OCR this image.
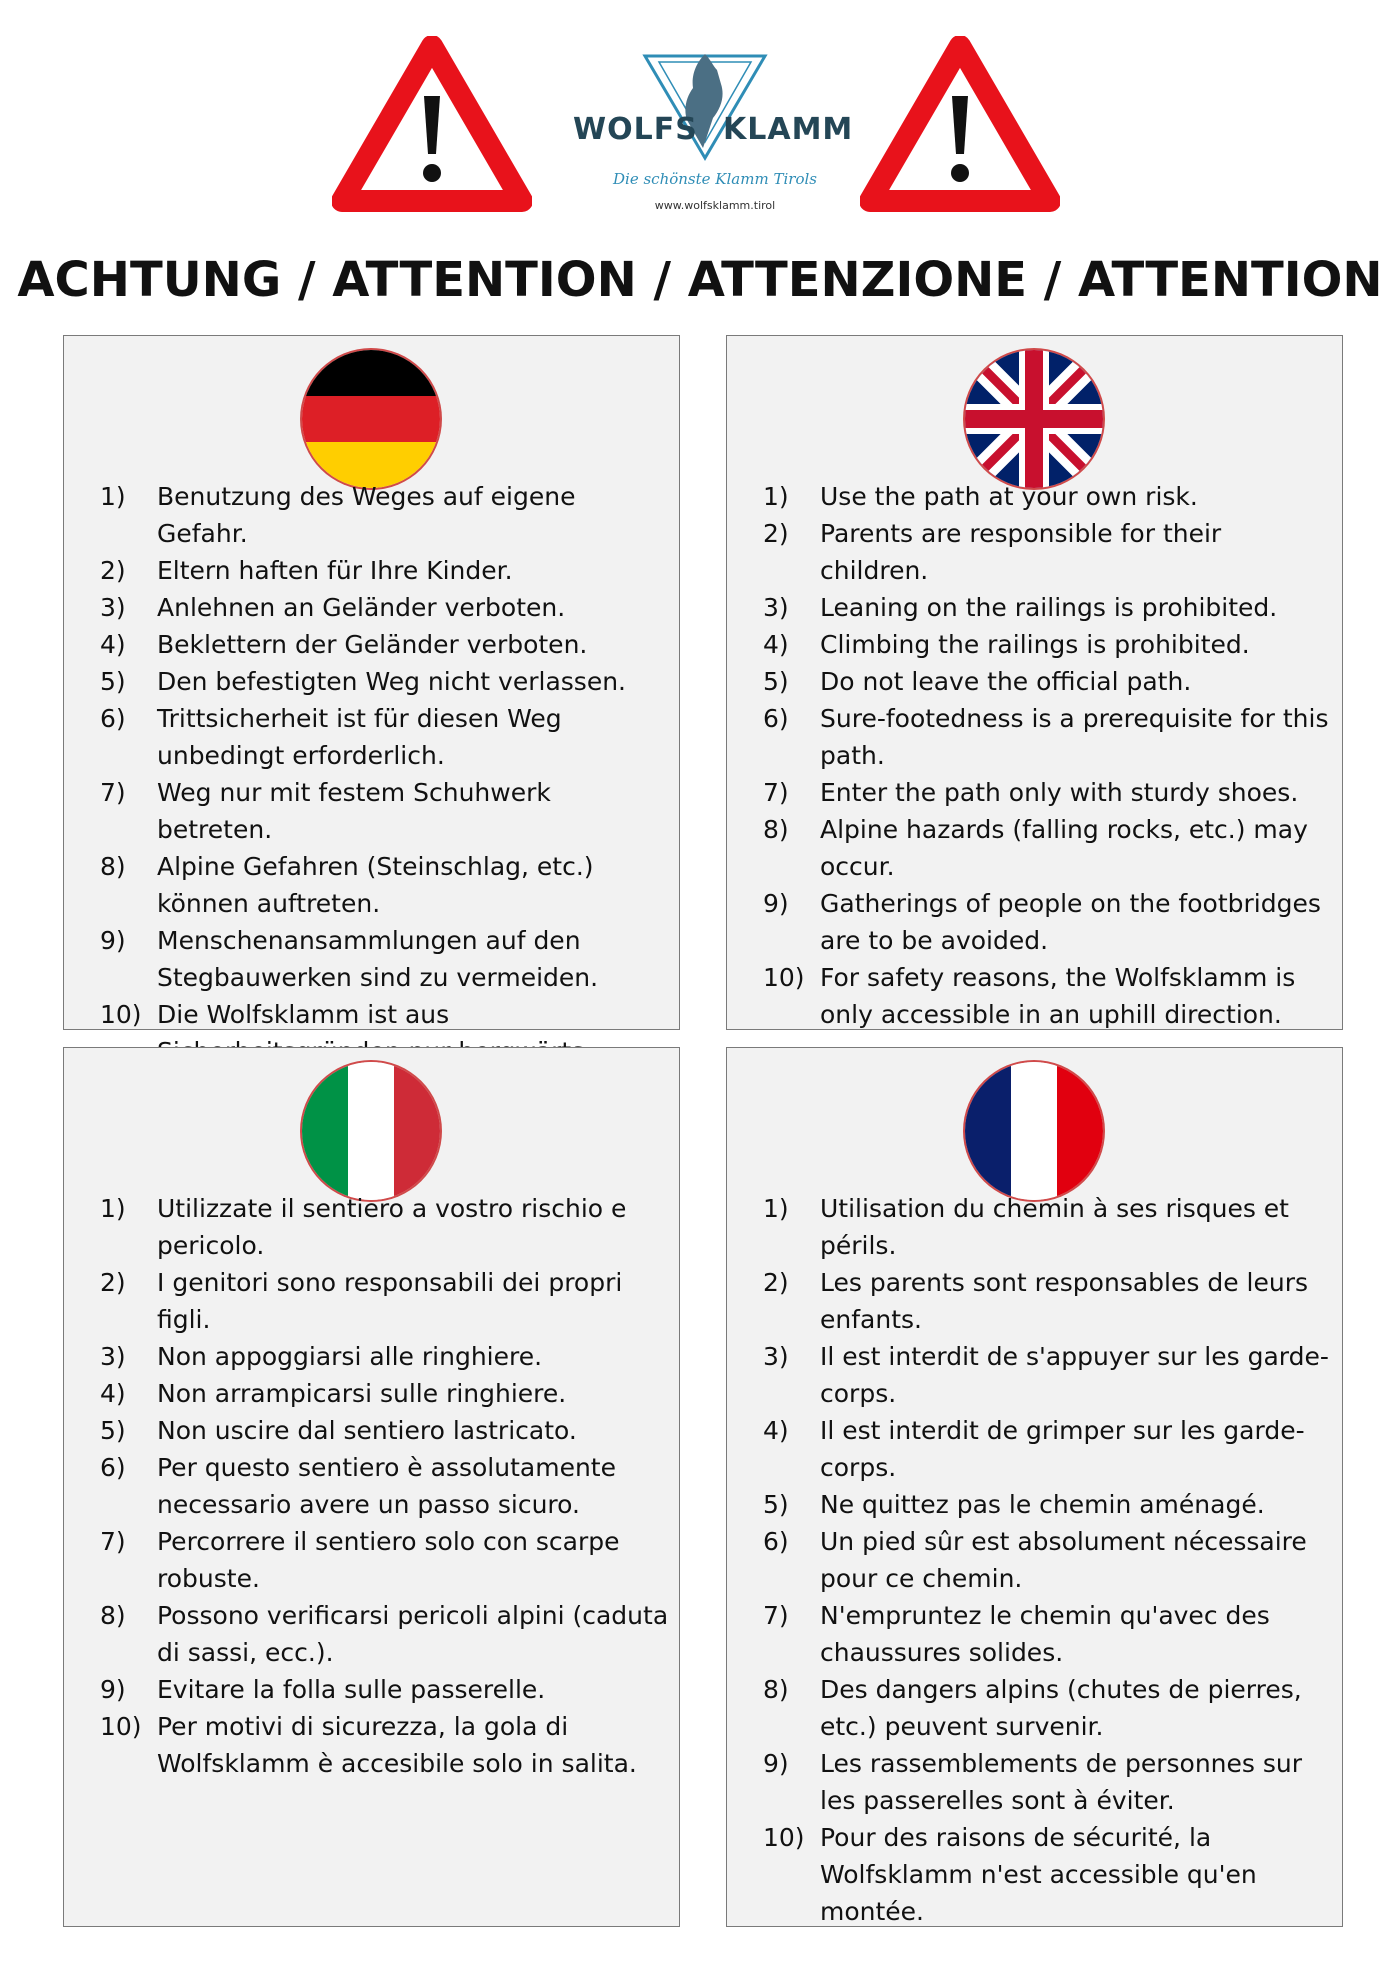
WOLFS KLAMM
Die schönste Klamm Tirols
www.wolfsklamm.tirol
ACHTUNG / ATTENTION / ATTENZIONE / ATTENTION
1) Benutzung des Weges auf eigene Gefahr.
2) Eltern haften für Ihre Kinder.
3) Anlehnen an Geländer verboten.
4) Beklettern der Geländer verboten.
5) Den befestigten Weg nicht verlassen.
6) Trittsicherheit ist für diesen Weg unbedingt erforderlich.
7) Weg nur mit festem Schuhwerk betreten.
8) Alpine Gefahren (Steinschlag, etc.) können auftreten.
9) Menschenansammlungen auf den Stegbauwerken sind zu vermeiden.
10) Die Wolfsklamm ist aus
1) Use the path at your own risk.
2) Parents are responsible for their children.
3) Leaning on the railings is prohibited.
4) Climbing the railings is prohibited.
5) Do not leave the official path.
6) Sure-footedness is a prerequisite for this path.
7) Enter the path only with sturdy shoes.
8) Alpine hazards (falling rocks, etc.) may occur.
9) Gatherings of people on the footbridges are to be avoided.
10) For safety reasons, the Wolfsklamm is only accessible in an uphill direction.
1) Utilizzate il sentiero a vostro rischio e pericolo.
2) I genitori sono responsabili dei propri figli.
3) Non appoggiarsi alle ringhiere.
4) Non arrampicarsi sulle ringhiere.
5) Non uscire dal sentiero lastricato.
6) Per questo sentiero è assolutamente necessario avere un passo sicuro.
7) Percorrere il sentiero solo con scarpe robuste.
8) Possono verificarsi pericoli alpini (caduta di sassi, ecc.).
9) Evitare la folla sulle passerelle.
10) Per motivi di sicurezza, la gola di Wolfsklamm è accesibile solo in salita.
1) Utilisation du chemin à ses risques et périls.
2) Les parents sont responsables de leurs enfants.
3) Il est interdit de s'appuyer sur les garde-corps.
4) Il est interdit de grimper sur les garde-corps.
5) Ne quittez pas le chemin aménagé.
6) Un pied sûr est absolument nécessaire pour ce chemin.
7) N'empruntez le chemin qu'avec des chaussures solides.
8) Des dangers alpins (chutes de pierres, etc.) peuvent survenir.
9) Les rassemblements de personnes sur les passerelles sont à éviter.
10) Pour des raisons de sécurité, la Wolfsklamm n'est accessible qu'en montée.
